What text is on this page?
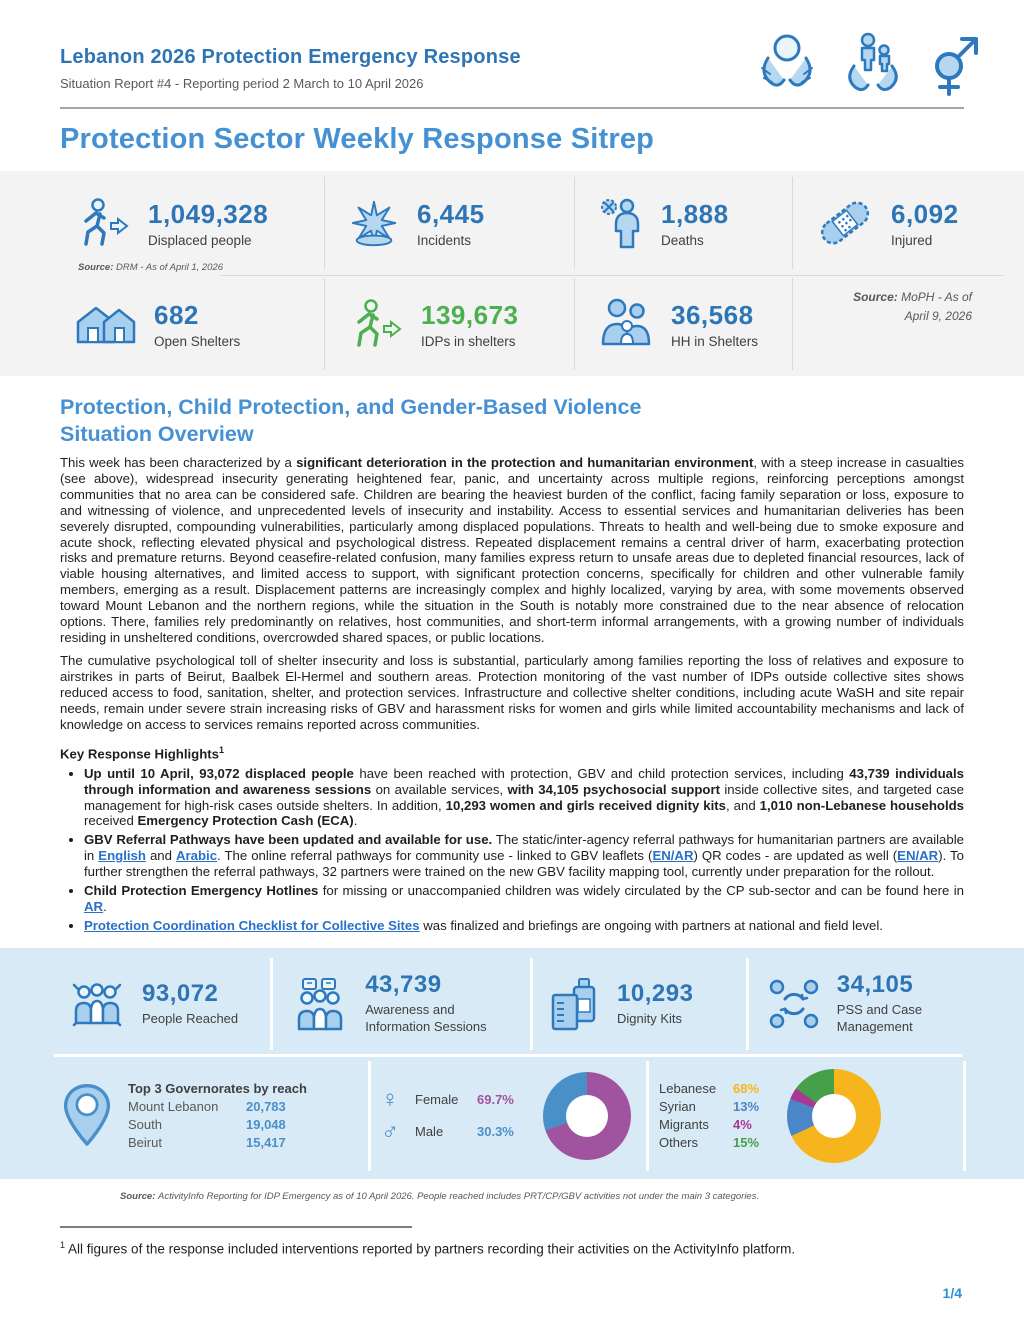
Lebanon 2026 Protection Emergency Response
Situation Report #4 - Reporting period 2 March to 10 April 2026
Protection Sector Weekly Response Sitrep
1,049,328
Displaced people
Source: DRM - As of April 1, 2026
6,445
Incidents
1,888
Deaths
6,092
Injured
682
Open Shelters
139,673
IDPs in shelters
36,568
HH in Shelters
Source: MoPH - As of April 9, 2026
Protection, Child Protection, and Gender-Based Violence
Situation Overview

This week has been characterized by a significant deterioration in the protection and humanitarian environment, with a steep increase in casualties (see above), widespread insecurity generating heightened fear, panic, and uncertainty across multiple regions, reinforcing perceptions amongst communities that no area can be considered safe. Children are bearing the heaviest burden of the conflict, facing family separation or loss, exposure to and witnessing of violence, and unprecedented levels of insecurity and instability. Access to essential services and humanitarian deliveries has been severely disrupted, compounding vulnerabilities, particularly among displaced populations. Threats to health and well-being due to smoke exposure and acute shock, reflecting elevated physical and psychological distress. Repeated displacement remains a central driver of harm, exacerbating protection risks and premature returns. Beyond ceasefire-related confusion, many families express return to unsafe areas due to depleted financial resources, lack of viable housing alternatives, and limited access to support, with significant protection concerns, specifically for children and other vulnerable family members, emerging as a result. Displacement patterns are increasingly complex and highly localized, varying by area, with some movements observed toward Mount Lebanon and the northern regions, while the situation in the South is notably more constrained due to the near absence of relocation options. There, families rely predominantly on relatives, host communities, and short-term informal arrangements, with a growing number of individuals residing in unsheltered conditions, overcrowded shared spaces, or public locations.

The cumulative psychological toll of shelter insecurity and loss is substantial, particularly among families reporting the loss of relatives and exposure to airstrikes in parts of Beirut, Baalbek El-Hermel and southern areas. Protection monitoring of the vast number of IDPs outside collective sites shows reduced access to food, sanitation, shelter, and protection services. Infrastructure and collective shelter conditions, including acute WaSH and site repair needs, remain under severe strain increasing risks of GBV and harassment risks for women and girls while limited accountability mechanisms and lack of knowledge on access to services remains reported across communities.

Key Response Highlights$^1$

• Up until 10 April, 93,072 displaced people have been reached with protection, GBV and child protection services, including 43,739 individuals through information and awareness sessions on available services, with 34,105 psychosocial support inside collective sites, and targeted case management for high-risk cases outside shelters. In addition, 10,293 women and girls received dignity kits, and 1,010 non-Lebanese households received Emergency Protection Cash (ECA).
• GBV Referral Pathways have been updated and available for use. The static/inter-agency referral pathways for humanitarian partners are available in English and Arabic. The online referral pathways for community use - linked to GBV leaflets (EN/AR) QR codes - are updated as well (EN/AR). To further strengthen the referral pathways, 32 partners were trained on the new GBV facility mapping tool, currently under preparation for the rollout.
• Child Protection Emergency Hotlines for missing or unaccompanied children was widely circulated by the CP sub-sector and can be found here in AR.
• Protection Coordination Checklist for Collective Sites was finalized and briefings are ongoing with partners at national and field level.
93,072
People Reached
43,739
Awareness and Information Sessions
10,293
Dignity Kits
34,105
PSS and Case Management
Top 3 Governorates by reach
Mount Lebanon	20,783
South	19,048
Beirut	15,417
♀	Female	69.7%
♂	Male	30.3%
Lebanese	68%
Syrian	13%
Migrants	4%
Others	15%
Source: ActivityInfo Reporting for IDP Emergency as of 10 April 2026. People reached includes PRT/CP/GBV activities not under the main 3 categories.
$^1$ All figures of the response included interventions reported by partners recording their activities on the ActivityInfo platform.
1/4
